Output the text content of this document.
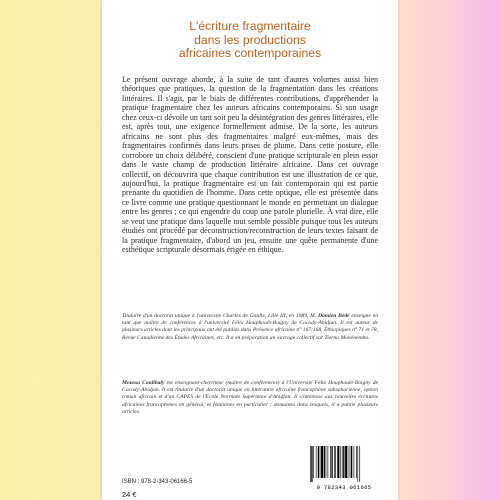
L'écriture fragmentaire
dans les productions
africaines contemporaines

Le présent ouvrage aborde, à la suite de tant d'autres volumes aussi bien théoriques que pratiques, la question de la fragmentation dans les créations littéraires. Il s'agit, par le biais de différentes contributions, d'appréhender la pratique fragmentaire chez les auteurs africains contemporains. Si son usage chez ceux-ci dévoile un tant soit peu la désintégration des genres littéraires, elle est, après tout, une exigence formellement admise. De la sorte, les auteurs africains ne sont plus des fragmentaires malgré eux-mêmes, mais des fragmentaires confirmés dans leurs prises de plume. Dans cette posture, elle corrobore un choix délibéré, conscient d'une pratique scripturale en plein essor dans le vaste champ de production littéraire africaine. Dans cet ouvrage collectif, on découvrira que chaque contribution est une illustration de ce que, aujourd'hui, la pratique fragmentaire est un fait contemporain qui est partie prenante du quotidien de l'homme. Dans cette optique, elle est présentée dans ce livre comme une pratique questionnant le monde en permettant un dialogue entre les genres ; ce qui engendre du coup une parole plurielle. À vrai dire, elle se veut une pratique dans laquelle tout semble possible puisque tous les auteurs étudiés ont procédé par déconstruction/reconstruction de leurs textes faisant de la pratique fragmentaire, d'abord un jeu, ensuite une quête permanente d'une esthétique scripturale désormais érigée en éthique.

Titulaire d'un doctorat unique à l'université Charles de Gaulle, Lille III, en 1989, M. Damien Bédé enseigne en tant que maître de conférences à l'université Félix Houphouët-Boigny de Cocody-Abidjan. Il est auteur de plusieurs articles dont les principaux ont été publiés dans Présence africaine n° 167/168, Éthiopiques n° 71 et 78, Revue Canadienne des Études Africaines, etc. Il a en préparation un ouvrage collectif sur Tierno Monénembo.
Moussa Coulibaly est enseignant-chercheur (maître de conférences) à l'Université Félix Houphouët-Boigny de Cocody-Abidjan. Il est titulaire d'un doctorat unique en littérature africaine francophone subsaharienne, option roman africain et d'un CAPES de l'École Normale Supérieure d'Abidjan. Il s'intéresse aux nouvelles écritures africaines francophones en général, et féminines en particulier ; domaines dans lesquels, il a publié plusieurs articles.
ISBN : 978-2-343-06166-5
24 €
9 782343 061665
